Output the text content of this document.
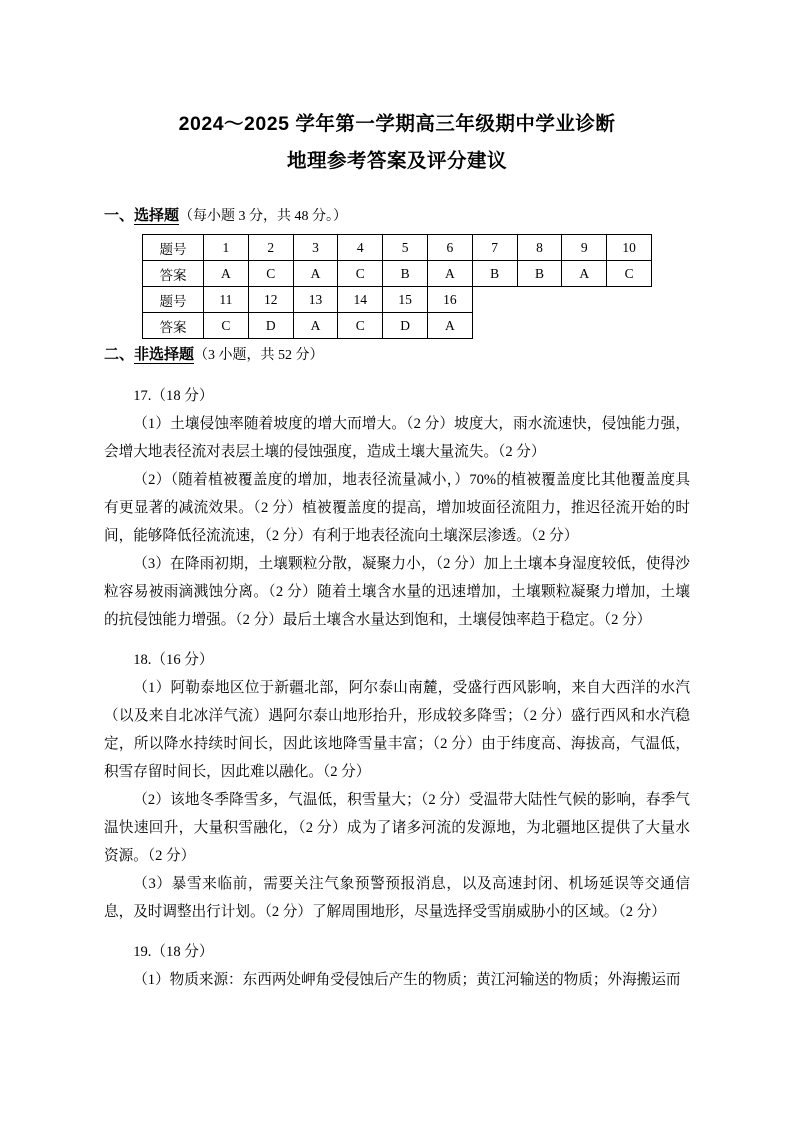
2024～2025 学年第一学期高三年级期中学业诊断
地理参考答案及评分建议
一、选择题（每小题 3 分，共 48 分。）
题号	1	2	3	4	5	6	7	8	9	10
答案	A	C	A	C	B	A	B	B	A	C
题号	11	12	13	14	15	16				
答案	C	D	A	C	D	A				
二、非选择题（3 小题，共 52 分）

17.（18 分）

（1）土壤侵蚀率随着坡度的增大而增大。（2 分）坡度大，雨水流速快，侵蚀能力强，会增大地表径流对表层土壤的侵蚀强度，造成土壤大量流失。（2 分）

（2）（随着植被覆盖度的增加，地表径流量减小，）70%的植被覆盖度比其他覆盖度具有更显著的减流效果。（2 分）植被覆盖度的提高，增加坡面径流阻力，推迟径流开始的时间，能够降低径流流速，（2 分）有利于地表径流向土壤深层渗透。（2 分）

（3）在降雨初期，土壤颗粒分散，凝聚力小，（2 分）加上土壤本身湿度较低，使得沙粒容易被雨滴溅蚀分离。（2 分）随着土壤含水量的迅速增加，土壤颗粒凝聚力增加，土壤的抗侵蚀能力增强。（2 分）最后土壤含水量达到饱和，土壤侵蚀率趋于稳定。（2 分）

18.（16 分）

（1）阿勒泰地区位于新疆北部，阿尔泰山南麓，受盛行西风影响，来自大西洋的水汽（以及来自北冰洋气流）遇阿尔泰山地形抬升，形成较多降雪；（2 分）盛行西风和水汽稳定，所以降水持续时间长，因此该地降雪量丰富；（2 分）由于纬度高、海拔高，气温低，积雪存留时间长，因此难以融化。（2 分）

（2）该地冬季降雪多，气温低，积雪量大；（2 分）受温带大陆性气候的影响，春季气温快速回升，大量积雪融化，（2 分）成为了诸多河流的发源地，为北疆地区提供了大量水资源。（2 分）

（3）暴雪来临前，需要关注气象预警预报消息，以及高速封闭、机场延误等交通信息，及时调整出行计划。（2 分）了解周围地形，尽量选择受雪崩威胁小的区域。（2 分）

19.（18 分）

（1）物质来源：东西两处岬角受侵蚀后产生的物质；黄江河输送的物质；外海搬运而
